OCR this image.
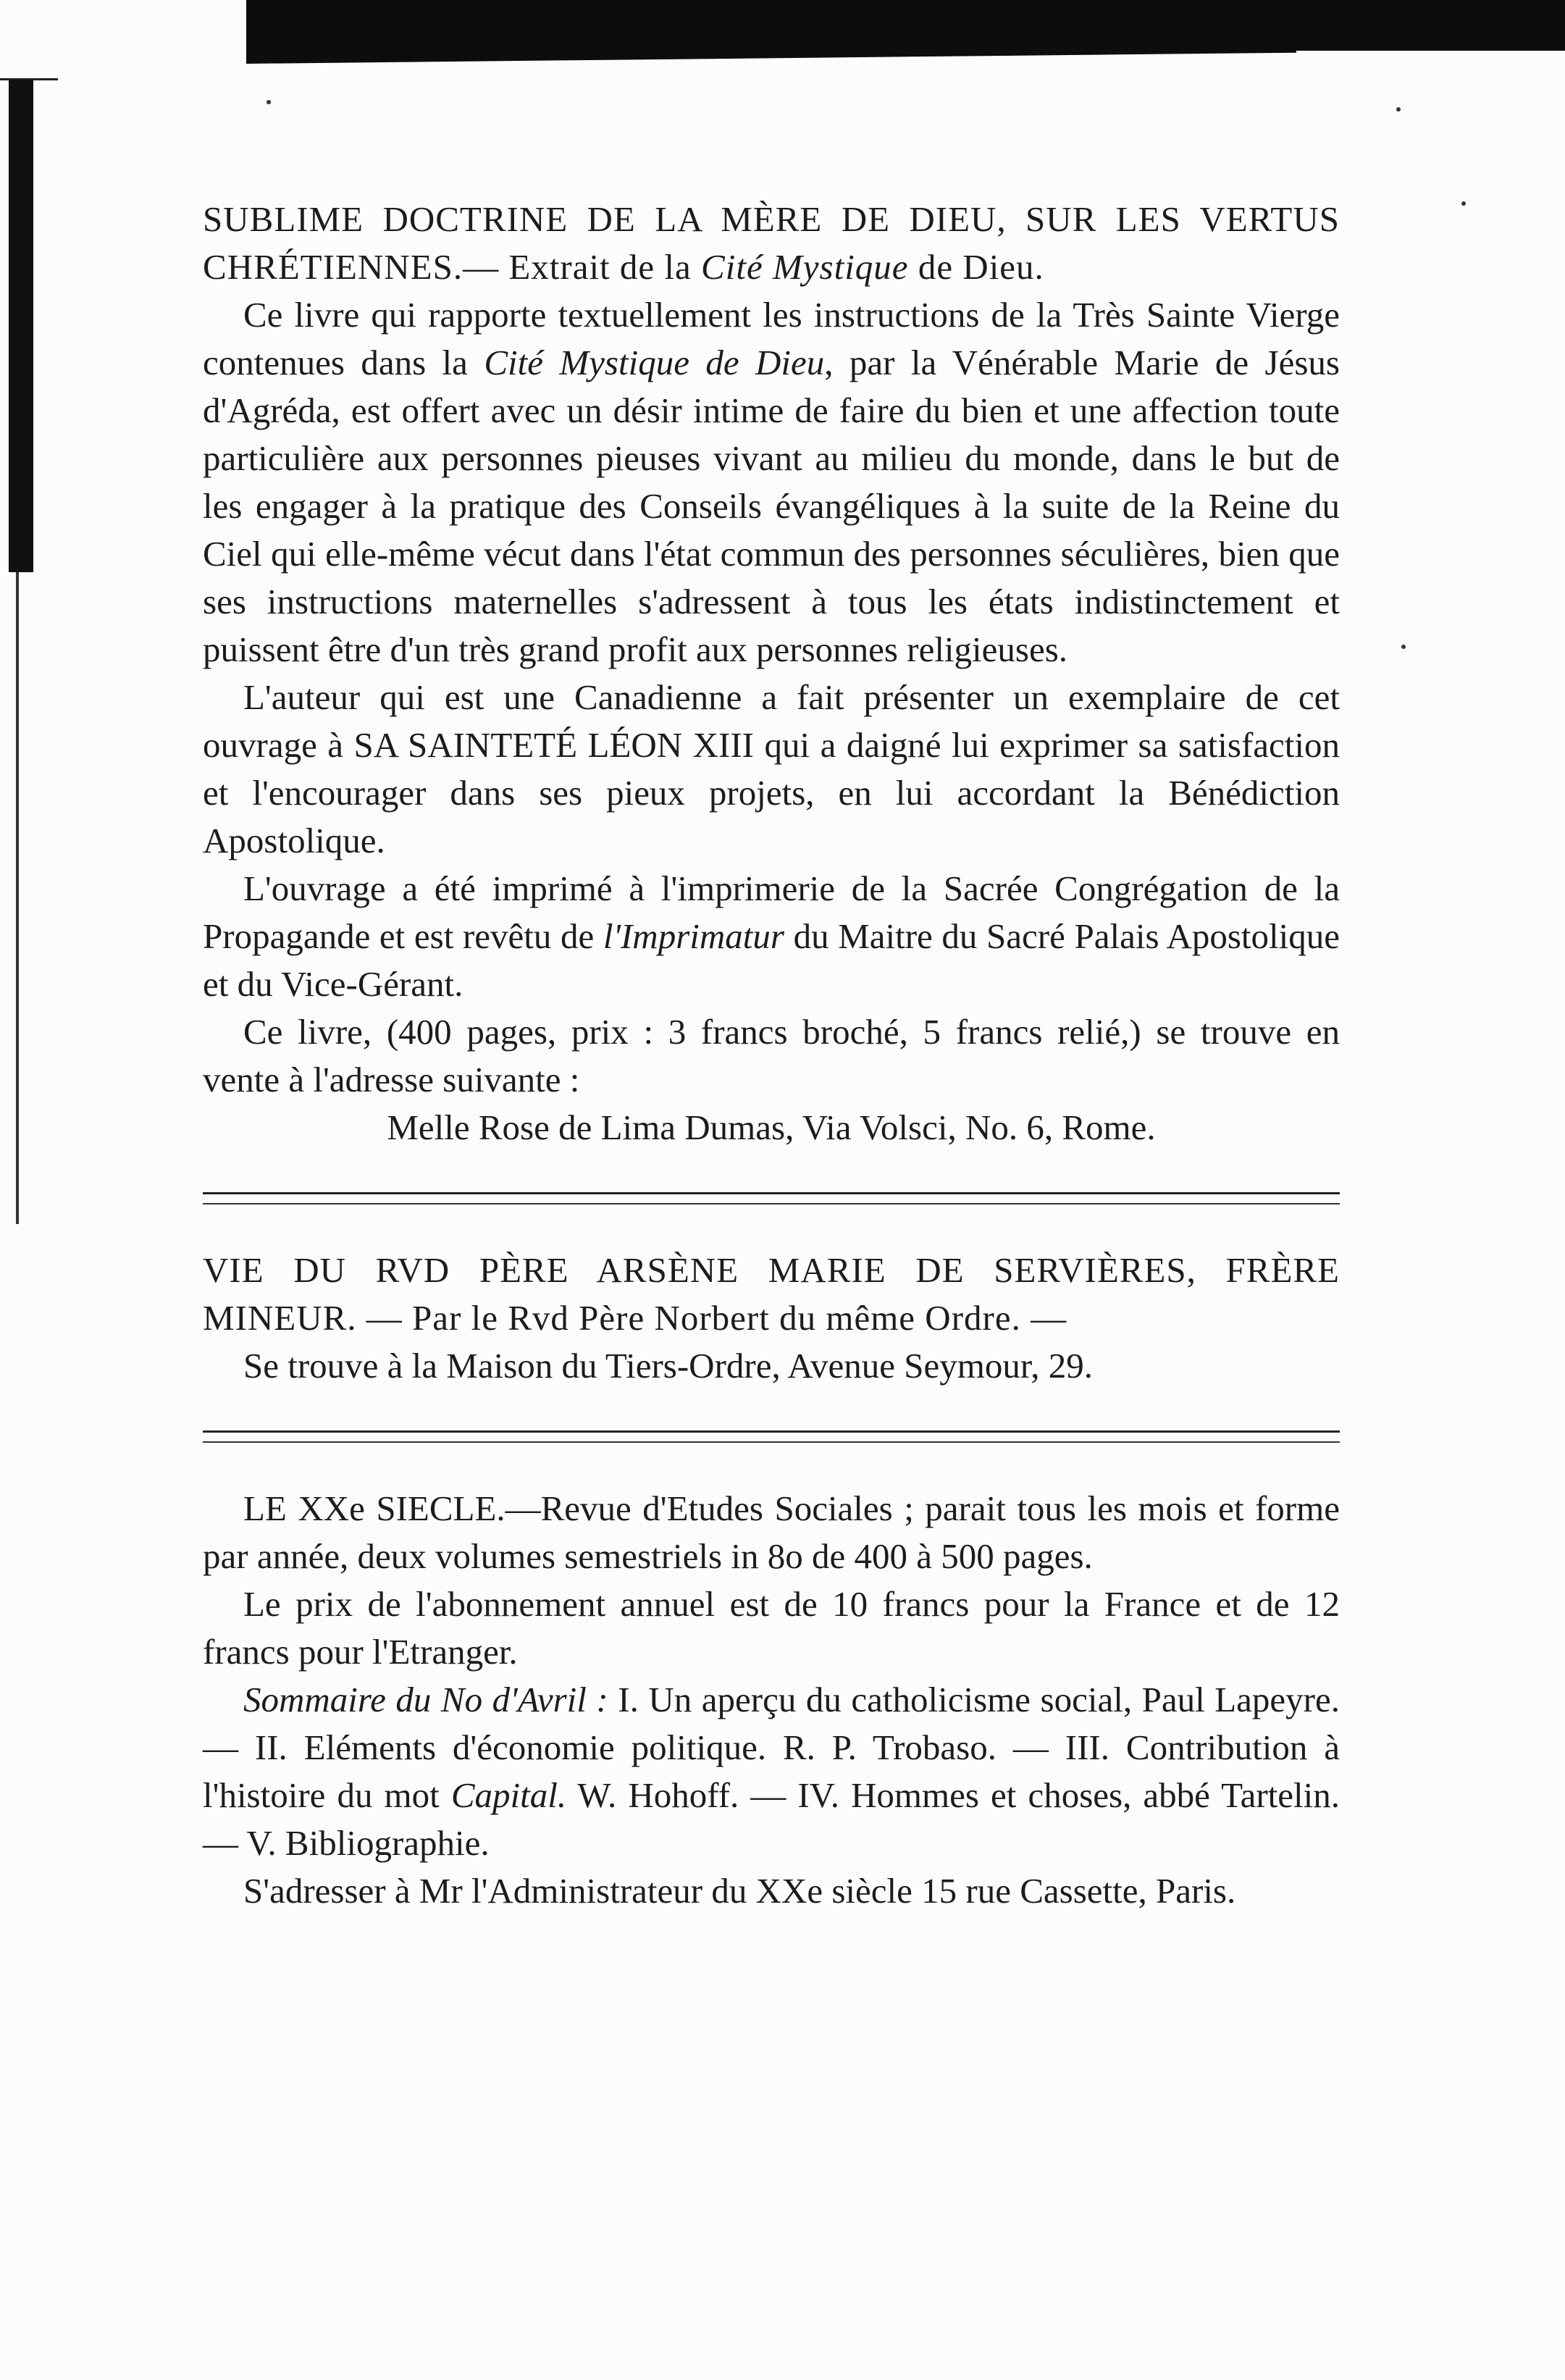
SUBLIME DOCTRINE DE LA MÈRE DE DIEU, SUR LES VERTUS CHRÉTIENNES.— Extrait de la Cité Mystique de Dieu.

Ce livre qui rapporte textuellement les instructions de la Très Sainte Vierge contenues dans la Cité Mystique de Dieu, par la Vénérable Marie de Jésus d'Agréda, est offert avec un désir intime de faire du bien et une affection toute particulière aux personnes pieuses vivant au milieu du monde, dans le but de les engager à la pratique des Conseils évangéliques à la suite de la Reine du Ciel qui elle-même vécut dans l'état commun des personnes séculières, bien que ses instructions maternelles s'adressent à tous les états indistinctement et puissent être d'un très grand profit aux personnes religieuses.

L'auteur qui est une Canadienne a fait présenter un exemplaire de cet ouvrage à SA SAINTETÉ LÉON XIII qui a daigné lui exprimer sa satisfaction et l'encourager dans ses pieux projets, en lui accordant la Bénédiction Apostolique.

L'ouvrage a été imprimé à l'imprimerie de la Sacrée Congrégation de la Propagande et est revêtu de l'Imprimatur du Maitre du Sacré Palais Apostolique et du Vice-Gérant.

Ce livre, (400 pages, prix : 3 francs broché, 5 francs relié,) se trouve en vente à l'adresse suivante :

Melle Rose de Lima Dumas, Via Volsci, No. 6, Rome.

VIE DU RVD PÈRE ARSÈNE MARIE DE SERVIÈRES, FRÈRE MINEUR. — Par le Rvd Père Norbert du même Ordre. —

Se trouve à la Maison du Tiers-Ordre, Avenue Seymour, 29.

LE XXe SIECLE.—Revue d'Etudes Sociales ; parait tous les mois et forme par année, deux volumes semestriels in 8o de 400 à 500 pages.

Le prix de l'abonnement annuel est de 10 francs pour la France et de 12 francs pour l'Etranger.

Sommaire du No d'Avril : I. Un aperçu du catholicisme social, Paul Lapeyre. — II. Eléments d'économie politique. R. P. Trobaso. — III. Contribution à l'histoire du mot Capital. W. Hohoff. — IV. Hommes et choses, abbé Tartelin. — V. Bibliographie.

S'adresser à Mr l'Administrateur du XXe siècle 15 rue Cassette, Paris.
